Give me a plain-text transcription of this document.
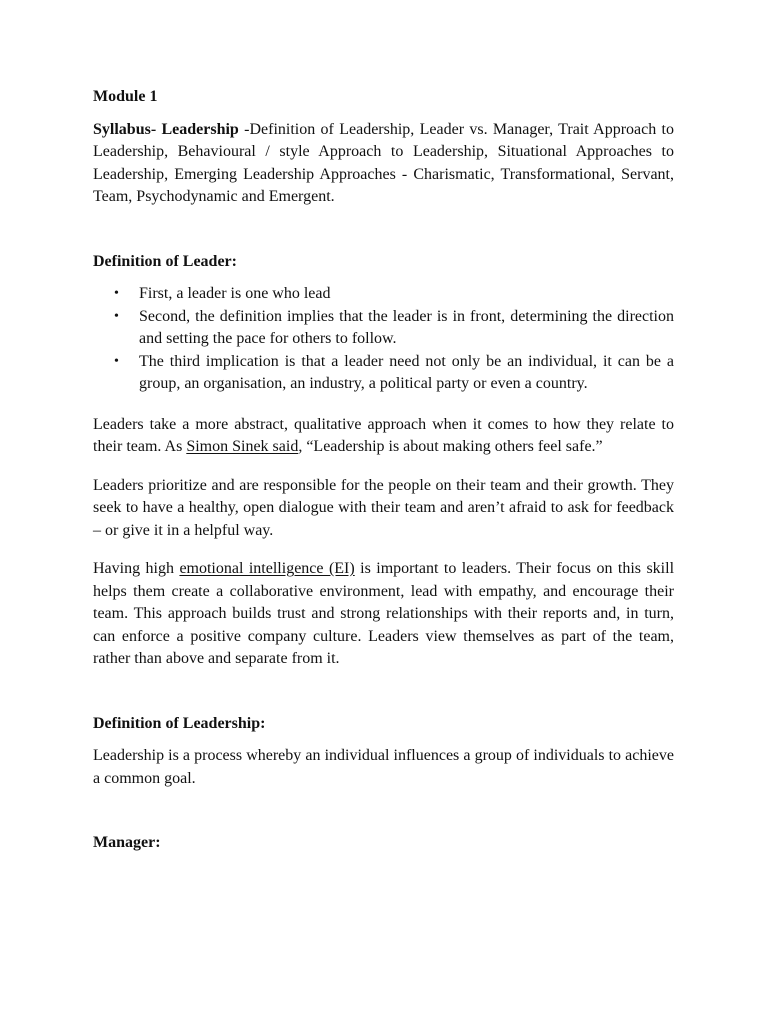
Module 1

Syllabus- Leadership -Definition of Leadership, Leader vs. Manager, Trait Approach to Leadership, Behavioural / style Approach to Leadership, Situational Approaches to Leadership, Emerging Leadership Approaches - Charismatic, Transformational, Servant, Team, Psychodynamic and Emergent.

Definition of Leader:

• First, a leader is one who lead
• Second, the definition implies that the leader is in front, determining the direction and setting the pace for others to follow.
• The third implication is that a leader need not only be an individual, it can be a group, an organisation, an industry, a political party or even a country.

Leaders take a more abstract, qualitative approach when it comes to how they relate to their team. As Simon Sinek said, “Leadership is about making others feel safe.”

Leaders prioritize and are responsible for the people on their team and their growth. They seek to have a healthy, open dialogue with their team and aren’t afraid to ask for feedback – or give it in a helpful way.

Having high emotional intelligence (EI) is important to leaders. Their focus on this skill helps them create a collaborative environment, lead with empathy, and encourage their team. This approach builds trust and strong relationships with their reports and, in turn, can enforce a positive company culture. Leaders view themselves as part of the team, rather than above and separate from it.

Definition of Leadership:

Leadership is a process whereby an individual influences a group of individuals to achieve a common goal.

Manager:
